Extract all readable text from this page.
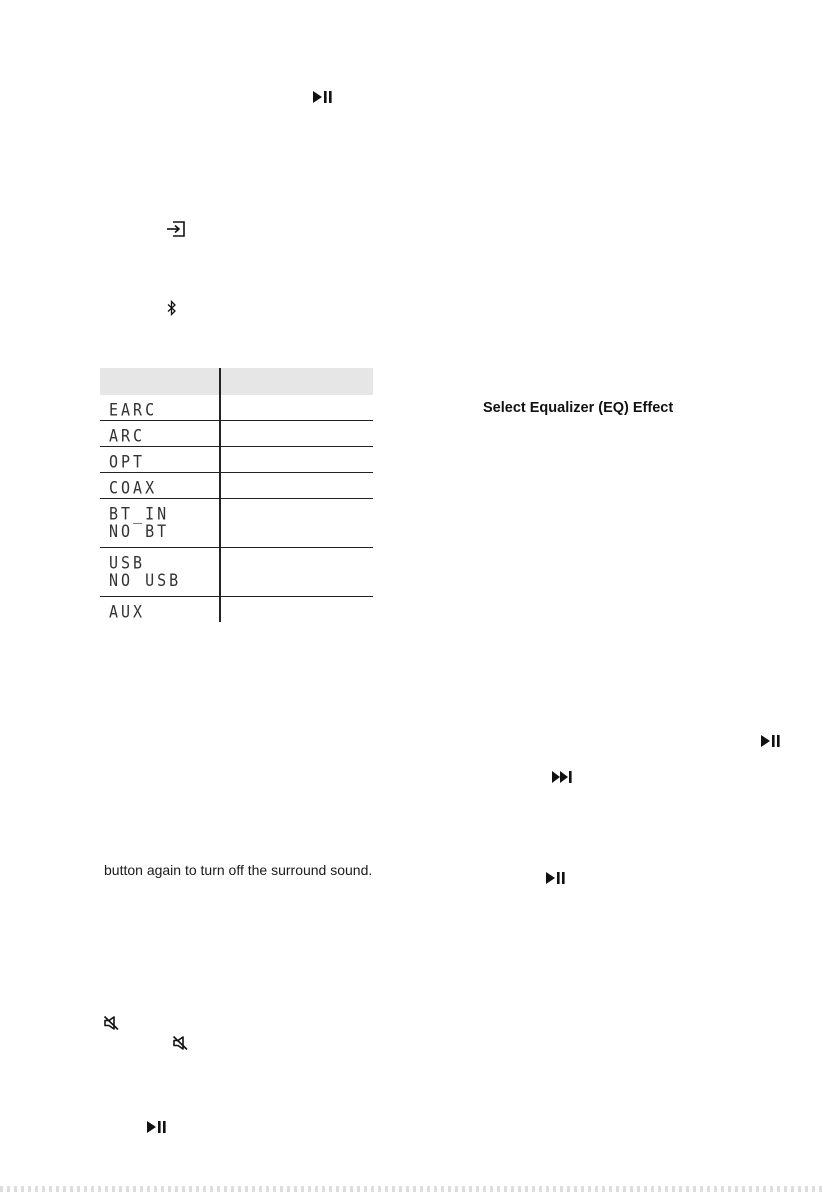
EARC	

ARC	

OPT	

COAX	

BT_IN
NO BT	

USB
NO USB	

AUX	

Select Equalizer (EQ) Effect
button again to turn off the surround sound.
